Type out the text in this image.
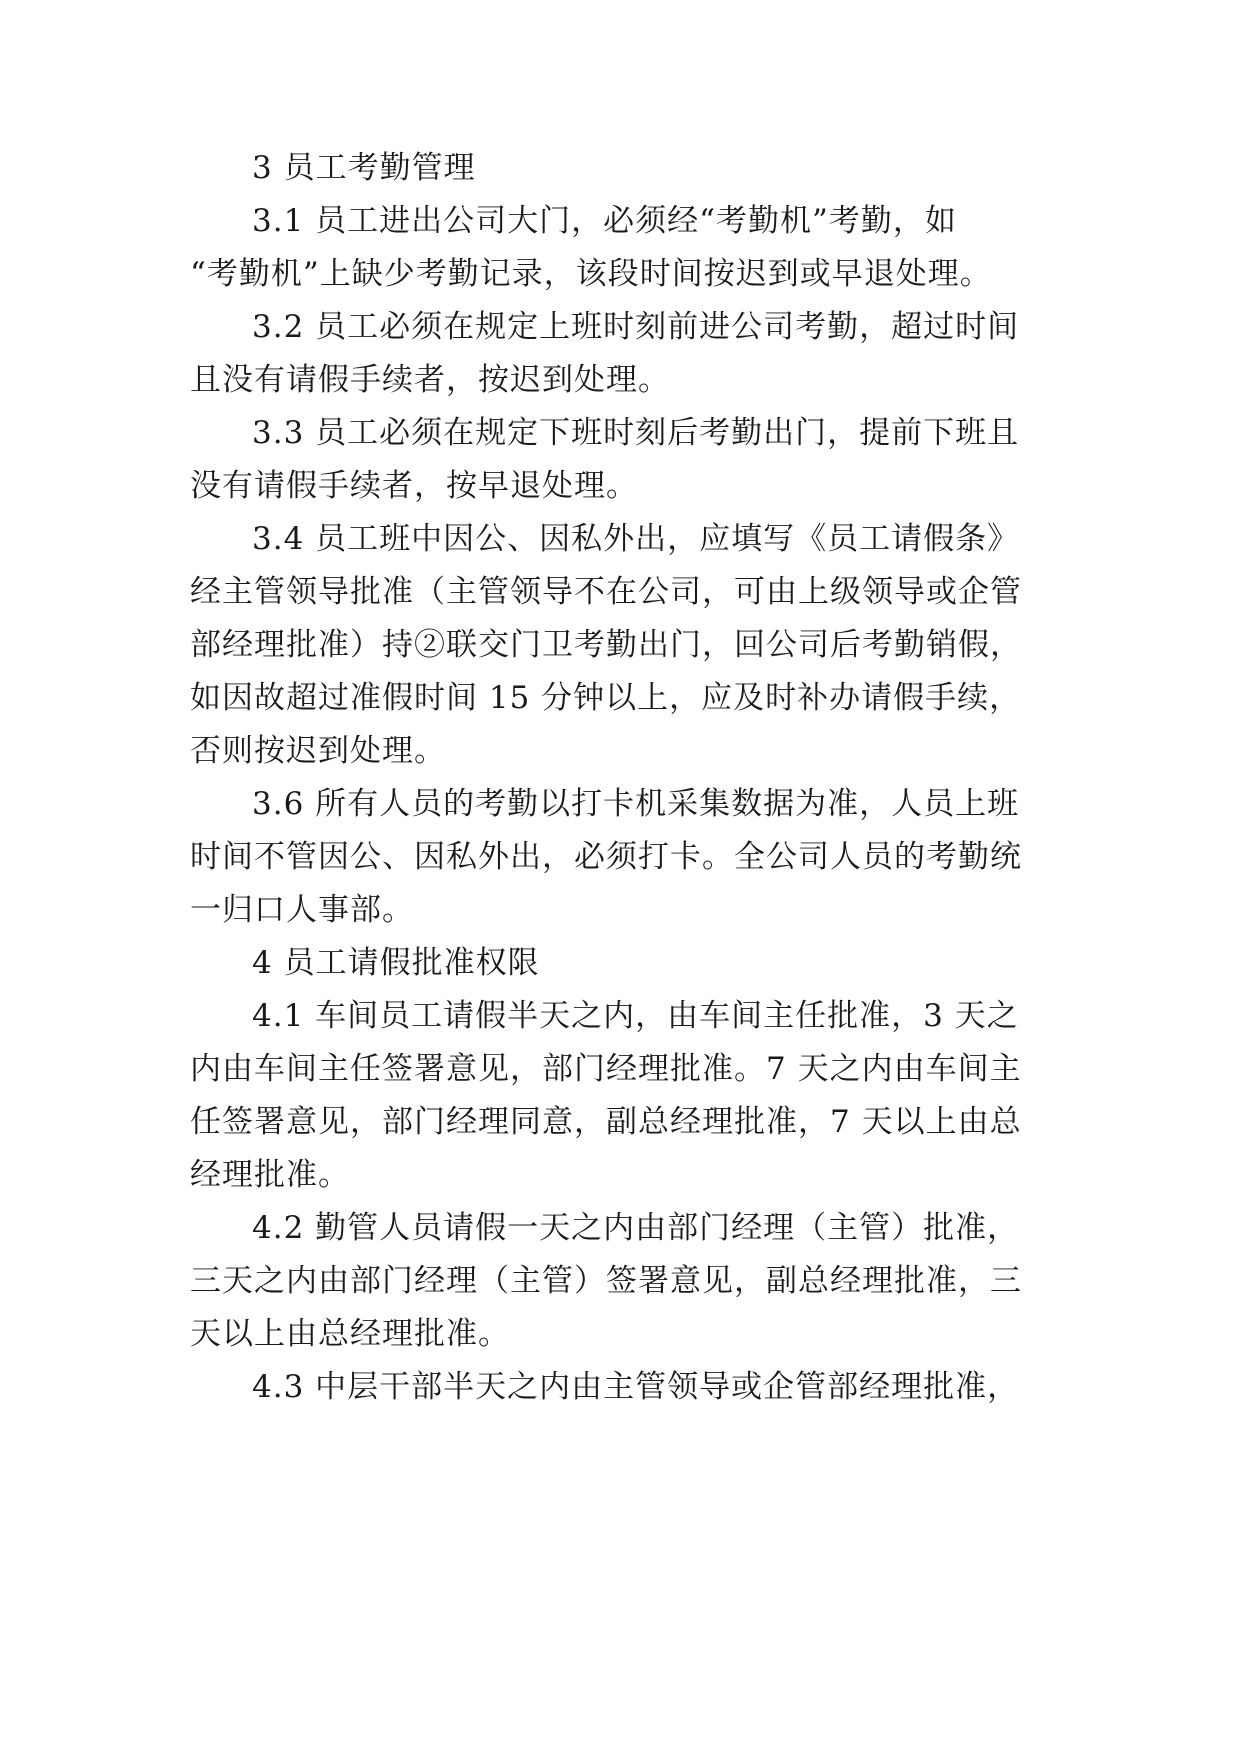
3 员工考勤管理
3.1 员工进出公司大门，必须经“考勤机”考勤，如
“考勤机”上缺少考勤记录，该段时间按迟到或早退处理。
3.2 员工必须在规定上班时刻前进公司考勤，超过时间
且没有请假手续者，按迟到处理。
3.3 员工必须在规定下班时刻后考勤出门，提前下班且
没有请假手续者，按早退处理。
3.4 员工班中因公、因私外出，应填写《员工请假条》
经主管领导批准（主管领导不在公司，可由上级领导或企管
部经理批准）持②联交门卫考勤出门，回公司后考勤销假，
如因故超过准假时间 15 分钟以上，应及时补办请假手续，
否则按迟到处理。
3.6 所有人员的考勤以打卡机采集数据为准，人员上班
时间不管因公、因私外出，必须打卡。全公司人员的考勤统
一归口人事部。
4 员工请假批准权限
4.1 车间员工请假半天之内，由车间主任批准，3 天之
内由车间主任签署意见，部门经理批准。7 天之内由车间主
任签署意见，部门经理同意，副总经理批准，7 天以上由总
经理批准。
4.2 勤管人员请假一天之内由部门经理（主管）批准，
三天之内由部门经理（主管）签署意见，副总经理批准，三
天以上由总经理批准。
4.3 中层干部半天之内由主管领导或企管部经理批准，
